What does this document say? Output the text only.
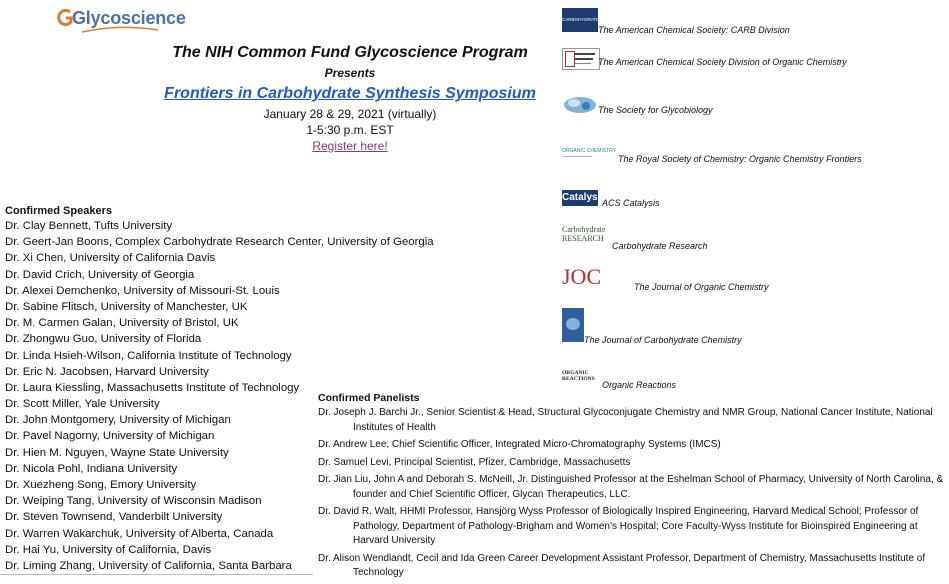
Glycoscience
The NIH Common Fund Glycoscience Program
Presents
Frontiers in Carbohydrate Synthesis Symposium
January 28 & 29, 2021 (virtually)
1-5:30 p.m. EST
Register here!
Confirmed Speakers
Dr. Clay Bennett, Tufts University
Dr. Geert-Jan Boons, Complex Carbohydrate Research Center, University of Georgia
Dr. Xi Chen, University of California Davis
Dr. David Crich, University of Georgia
Dr. Alexei Demchenko, University of Missouri-St. Louis
Dr. Sabine Flitsch, University of Manchester, UK
Dr. M. Carmen Galan, University of Bristol, UK
Dr. Zhongwu Guo, University of Florida
Dr. Linda Hsieh-Wilson, California Institute of Technology
Dr. Eric N. Jacobsen, Harvard University
Dr. Laura Kiessling, Massachusetts Institute of Technology
Dr. Scott Miller, Yale University
Dr. John Montgomery, University of Michigan
Dr. Pavel Nagorny, University of Michigan
Dr. Hien M. Nguyen, Wayne State University
Dr. Nicola Pohl, Indiana University
Dr. Xuezheng Song, Emory University
Dr. Weiping Tang, University of Wisconsin Madison
Dr. Steven Townsend, Vanderbilt University
Dr. Warren Wakarchuk, University of Alberta, Canada
Dr. Hai Yu, University of California, Davis
Dr. Liming Zhang, University of California, Santa Barbara
CARBOHYDRATE
The American Chemical Society: CARB Division
The American Chemical Society Division of Organic Chemistry
The Society for Glycobiology
ORGANIC CHEMISTRY
The Royal Society of Chemistry: Organic Chemistry Frontiers
Catalysis
ACS Catalysis
Carbohydrate RESEARCH
Carbohydrate Research
JOC	The Journal of Organic Chemistry
The Journal of Carbohydrate Chemistry
ORGANIC REACTIONS
Organic Reactions
Confirmed Panelists
Dr. Joseph J. Barchi Jr., Senior Scientist & Head, Structural Glycoconjugate Chemistry and NMR Group, National Cancer Institute, National Institutes of Health
Dr. Andrew Lee, Chief Scientific Officer, Integrated Micro-Chromatography Systems (IMCS)
Dr. Samuel Levi, Principal Scientist, Pfizer, Cambridge, Massachusetts
Dr. Jian Liu, John A and Deborah S. McNeill, Jr. Distinguished Professor at the Eshelman School of Pharmacy, University of North Carolina, & founder and Chief Scientific Officer, Glycan Therapeutics, LLC.
Dr. David R. Walt, HHMI Professor, Hansjörg Wyss Professor of Biologically Inspired Engineering, Harvard Medical School; Professor of Pathology, Department of Pathology-Brigham and Women’s Hospital; Core Faculty-Wyss Institute for Bioinspired Engineering at Harvard University
Dr. Alison Wendlandt, Cecil and Ida Green Career Development Assistant Professor, Department of Chemistry, Massachusetts Institute of Technology
